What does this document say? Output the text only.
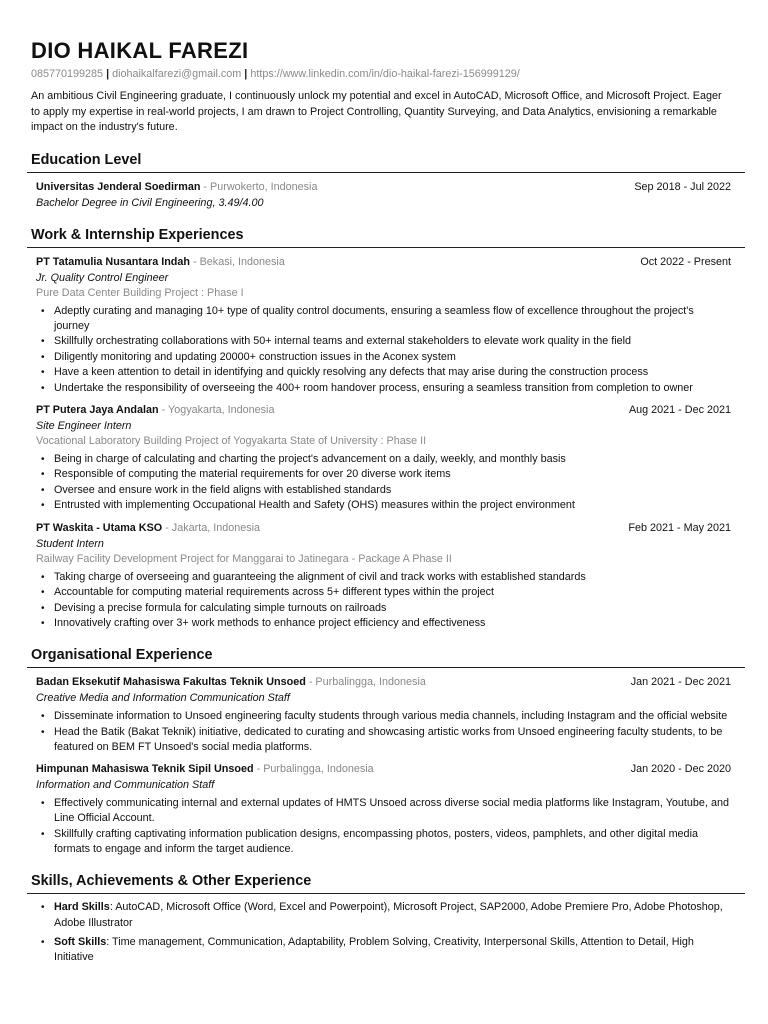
DIO HAIKAL FAREZI
085770199285 | diohaikalfarezi@gmail.com | https://www.linkedin.com/in/dio-haikal-farezi-156999129/
An ambitious Civil Engineering graduate, I continuously unlock my potential and excel in AutoCAD, Microsoft Office, and Microsoft Project. Eager to apply my expertise in real-world projects, I am drawn to Project Controlling, Quantity Surveying, and Data Analytics, envisioning a remarkable impact on the industry's future.
Education Level
Universitas Jenderal Soedirman - Purwokerto, Indonesia	Sep 2018 - Jul 2022
Bachelor Degree in Civil Engineering, 3.49/4.00
Work & Internship Experiences
PT Tatamulia Nusantara Indah - Bekasi, Indonesia	Oct 2022 - Present
Jr. Quality Control Engineer
Pure Data Center Building Project : Phase I
• Adeptly curating and managing 10+ type of quality control documents, ensuring a seamless flow of excellence throughout the project's journey
• Skillfully orchestrating collaborations with 50+ internal teams and external stakeholders to elevate work quality in the field
• Diligently monitoring and updating 20000+ construction issues in the Aconex system
• Have a keen attention to detail in identifying and quickly resolving any defects that may arise during the construction process
• Undertake the responsibility of overseeing the 400+ room handover process, ensuring a seamless transition from completion to owner
PT Putera Jaya Andalan - Yogyakarta, Indonesia	Aug 2021 - Dec 2021
Site Engineer Intern
Vocational Laboratory Building Project of Yogyakarta State of University : Phase II
• Being in charge of calculating and charting the project's advancement on a daily, weekly, and monthly basis
• Responsible of computing the material requirements for over 20 diverse work items
• Oversee and ensure work in the field aligns with established standards
• Entrusted with implementing Occupational Health and Safety (OHS) measures within the project environment
PT Waskita - Utama KSO - Jakarta, Indonesia	Feb 2021 - May 2021
Student Intern
Railway Facility Development Project for Manggarai to Jatinegara - Package A Phase II
• Taking charge of overseeing and guaranteeing the alignment of civil and track works with established standards
• Accountable for computing material requirements across 5+ different types within the project
• Devising a precise formula for calculating simple turnouts on railroads
• Innovatively crafting over 3+ work methods to enhance project efficiency and effectiveness
Organisational Experience
Badan Eksekutif Mahasiswa Fakultas Teknik Unsoed - Purbalingga, Indonesia	Jan 2021 - Dec 2021
Creative Media and Information Communication Staff
• Disseminate information to Unsoed engineering faculty students through various media channels, including Instagram and the official website
• Head the Batik (Bakat Teknik) initiative, dedicated to curating and showcasing artistic works from Unsoed engineering faculty students, to be featured on BEM FT Unsoed's social media platforms.
Himpunan Mahasiswa Teknik Sipil Unsoed - Purbalingga, Indonesia	Jan 2020 - Dec 2020
Information and Communication Staff
• Effectively communicating internal and external updates of HMTS Unsoed across diverse social media platforms like Instagram, Youtube, and Line Official Account.
• Skillfully crafting captivating information publication designs, encompassing photos, posters, videos, pamphlets, and other digital media formats to engage and inform the target audience.
Skills, Achievements & Other Experience
• Hard Skills: AutoCAD, Microsoft Office (Word, Excel and Powerpoint), Microsoft Project, SAP2000, Adobe Premiere Pro, Adobe Photoshop, Adobe Illustrator
• Soft Skills: Time management, Communication, Adaptability, Problem Solving, Creativity, Interpersonal Skills, Attention to Detail, High Initiative
